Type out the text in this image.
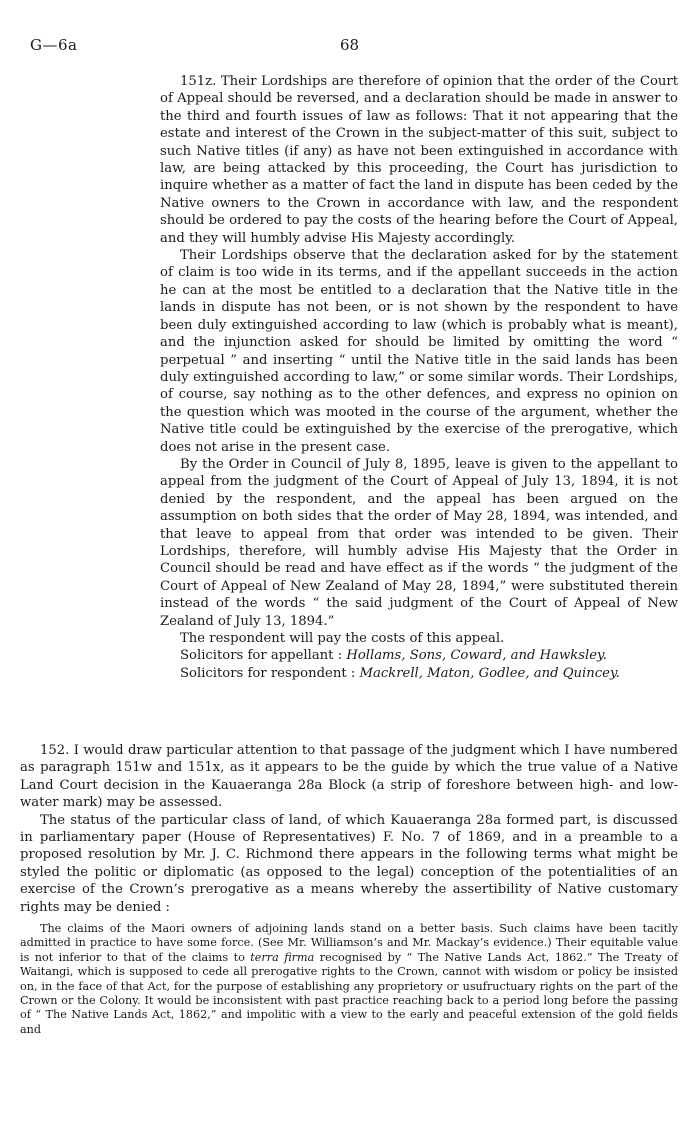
G—6a	68

151z. Their Lordships are therefore of opinion that the order of the Court of Appeal should be reversed, and a declaration should be made in answer to the third and fourth issues of law as follows: That it not appearing that the estate and interest of the Crown in the subject-matter of this suit, subject to such Native titles (if any) as have not been extinguished in accordance with law, are being attacked by this proceeding, the Court has jurisdiction to inquire whether as a matter of fact the land in dispute has been ceded by the Native owners to the Crown in accordance with law, and the respondent should be ordered to pay the costs of the hearing before the Court of Appeal, and they will humbly advise His Majesty accordingly.

Their Lordships observe that the declaration asked for by the statement of claim is too wide in its terms, and if the appellant succeeds in the action he can at the most be entitled to a declaration that the Native title in the lands in dispute has not been, or is not shown by the respondent to have been duly extinguished according to law (which is probably what is meant), and the injunction asked for should be limited by omitting the word “ perpetual ” and inserting “ until the Native title in the said lands has been duly extinguished according to law,” or some similar words. Their Lordships, of course, say nothing as to the other defences, and express no opinion on the question which was mooted in the course of the argument, whether the Native title could be extinguished by the exercise of the prerogative, which does not arise in the present case.

By the Order in Council of July 8, 1895, leave is given to the appellant to appeal from the judgment of the Court of Appeal of July 13, 1894, it is not denied by the respondent, and the appeal has been argued on the assumption on both sides that the order of May 28, 1894, was intended, and that leave to appeal from that order was intended to be given. Their Lordships, therefore, will humbly advise His Majesty that the Order in Council should be read and have effect as if the words “ the judgment of the Court of Appeal of New Zealand of May 28, 1894,” were substituted therein instead of the words “ the said judgment of the Court of Appeal of New Zealand of July 13, 1894.”

The respondent will pay the costs of this appeal.

Solicitors for appellant : Hollams, Sons, Coward, and Hawksley.

Solicitors for respondent : Mackrell, Maton, Godlee, and Quincey.

152. I would draw particular attention to that passage of the judgment which I have numbered as paragraph 151w and 151x, as it appears to be the guide by which the true value of a Native Land Court decision in the Kauaeranga 28a Block (a strip of foreshore between high- and low-water mark) may be assessed.

The status of the particular class of land, of which Kauaeranga 28a formed part, is discussed in parliamentary paper (House of Representatives) F. No. 7 of 1869, and in a preamble to a proposed resolution by Mr. J. C. Richmond there appears in the following terms what might be styled the politic or diplomatic (as opposed to the legal) conception of the potentialities of an exercise of the Crown’s prerogative as a means whereby the assertibility of Native customary rights may be denied :

The claims of the Maori owners of adjoining lands stand on a better basis. Such claims have been tacitly admitted in practice to have some force. (See Mr. Williamson’s and Mr. Mackay’s evidence.) Their equitable value is not inferior to that of the claims to terra firma recognised by “ The Native Lands Act, 1862.” The Treaty of Waitangi, which is supposed to cede all prerogative rights to the Crown, cannot with wisdom or policy be insisted on, in the face of that Act, for the purpose of establishing any proprietory or usufructuary rights on the part of the Crown or the Colony. It would be inconsistent with past practice reaching back to a period long before the passing of “ The Native Lands Act, 1862,” and impolitic with a view to the early and peaceful extension of the gold fields and
